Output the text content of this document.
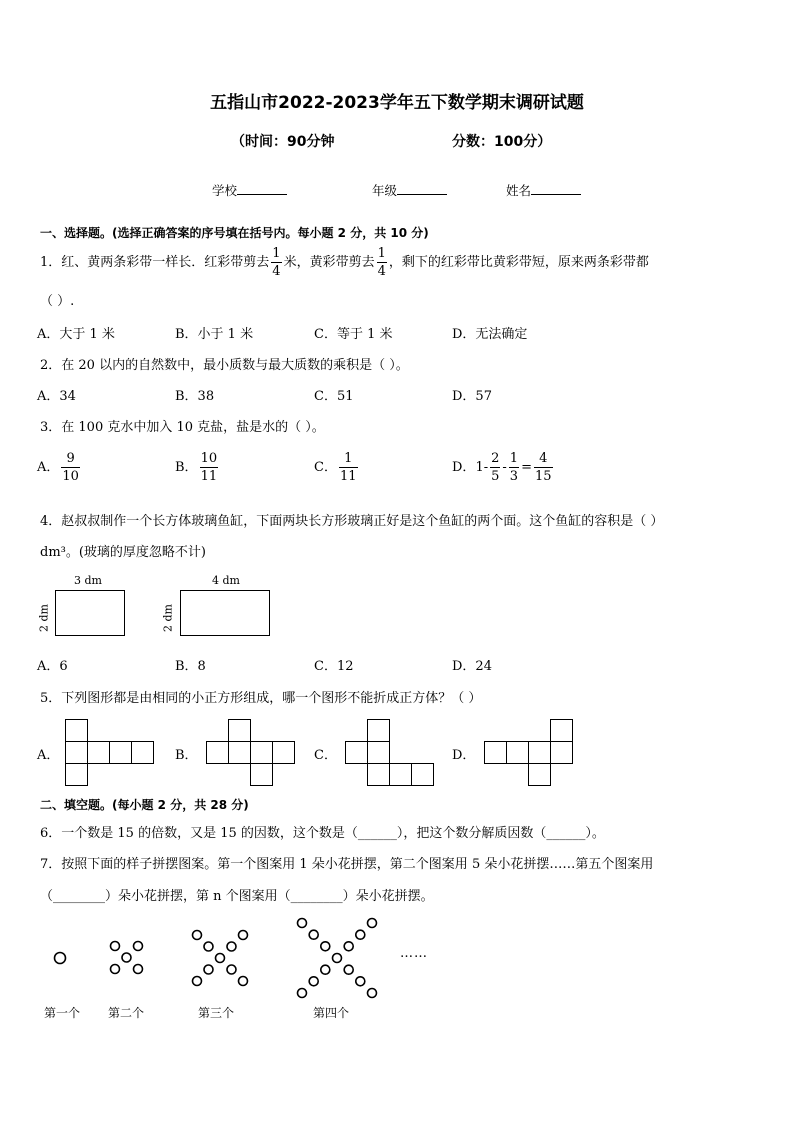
五指山市2022-2023学年五下数学期末调研试题
（时间：90分钟	分数：100分）
学校	年级	姓名
一、选择题。(选择正确答案的序号填在括号内。每小题 2 分，共 10 分)
1．红、黄两条彩带一样长．红彩带剪去 $\frac{1}{4}$ 米，黄彩带剪去 $\frac{1}{4}$ ，剩下的红彩带比黄彩带短，原来两条彩带都
（ ）.
A．大于 1 米	B．小于 1 米	C．等于 1 米	D．无法确定
2．在 20 以内的自然数中，最小质数与最大质数的乘积是（ ）。
A．34	B．38	C．51	D．57
3．在 100 克水中加入 10 克盐，盐是水的（ ）。
A． $\frac{9}{10}$	B． $\frac{10}{11}$	C． $\frac{1}{11}$	D．$1- \frac{2}{5} - \frac{1}{3} = \frac{4}{15}$
4．赵叔叔制作一个长方体玻璃鱼缸，下面两块长方形玻璃正好是这个鱼缸的两个面。这个鱼缸的容积是（ ）
dm³。(玻璃的厚度忽略不计)
3 dm
2 dm
4 dm
2 dm
A．6	B．8	C．12	D．24
5．下列图形都是由相同的小正方形组成，哪一个图形不能折成正方体？（ ）
A．	B．	C．	D．
二、填空题。(每小题 2 分，共 28 分)
6．一个数是 15 的倍数，又是 15 的因数，这个数是（______），把这个数分解质因数（______）。
7．按照下面的样子拼摆图案。第一个图案用 1 朵小花拼摆，第二个图案用 5 朵小花拼摆……第五个图案用
（________）朵小花拼摆，第 n 个图案用（________）朵小花拼摆。
……
第一个 第二个	第三个	第四个
